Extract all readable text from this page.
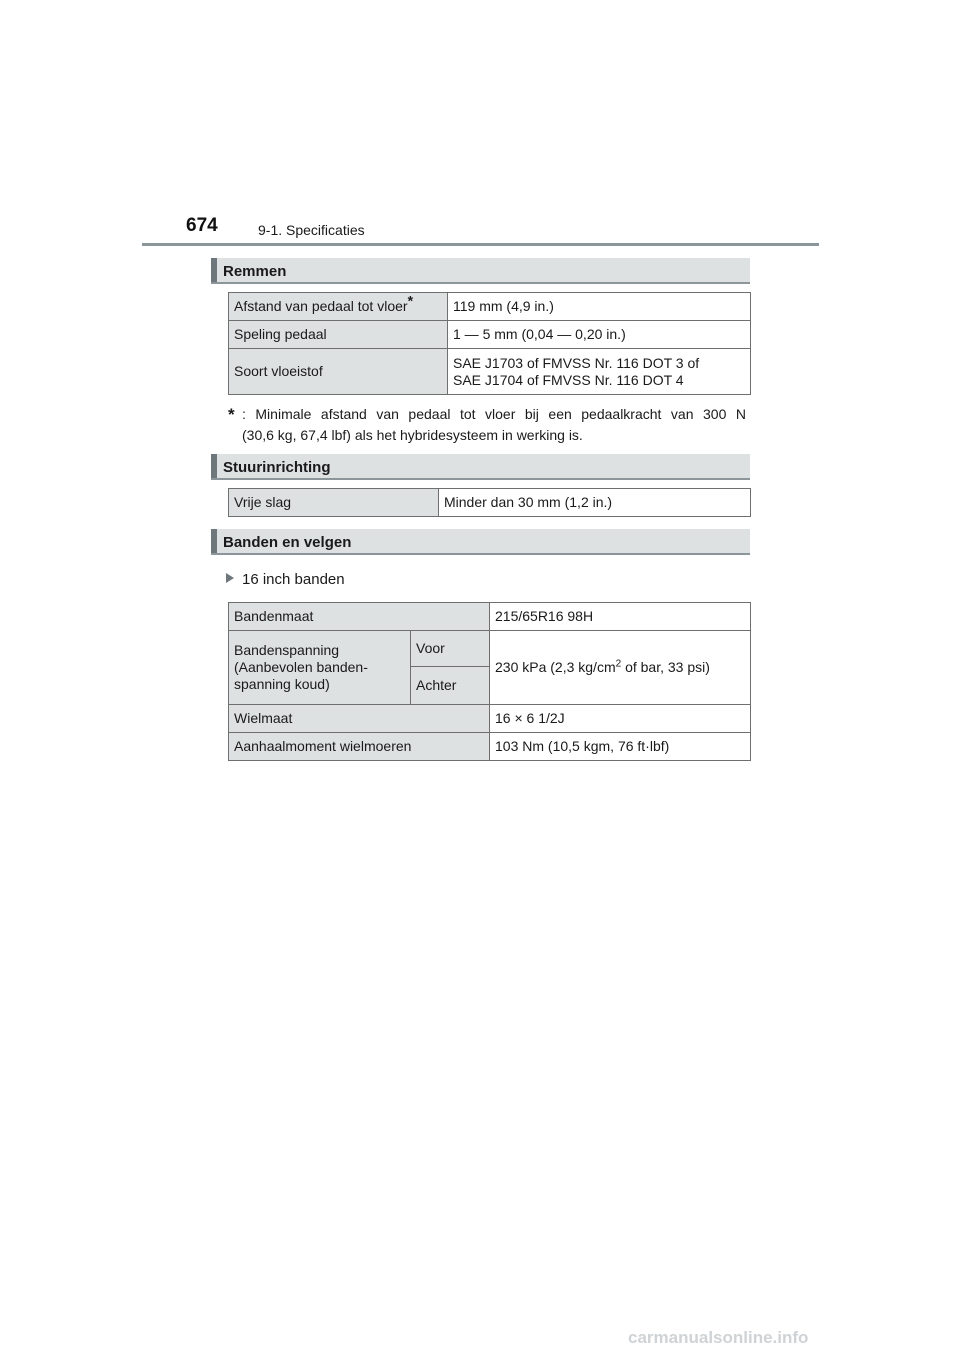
674	9-1. Specificaties
Remmen
Afstand van pedaal tot vloer*	119 mm (4,9 in.)
Speling pedaal	1 — 5 mm (0,04 — 0,20 in.)
Soort vloeistof	SAE J1703 of FMVSS Nr. 116 DOT 3 of
SAE J1704 of FMVSS Nr. 116 DOT 4
* : Minimale afstand van pedaal tot vloer bij een pedaalkracht van 300 N
(30,6 kg, 67,4 lbf) als het hybridesysteem in werking is.
Stuurinrichting
Vrije slag	Minder dan 30 mm (1,2 in.)
Banden en velgen
16 inch banden
Bandenmaat		215/65R16 98H

Bandenspanning
(Aanbevolen banden-
spanning koud)	Voor	230 kPa (2,3 $kg/cm^2$ of bar, 33 psi)
	Achter	
Wielmaat		16 × 6 1/2J
Aanhaalmoment wielmoeren		103 Nm (10,5 kgm, 76 ft·lbf)
carmanualsonline.info
